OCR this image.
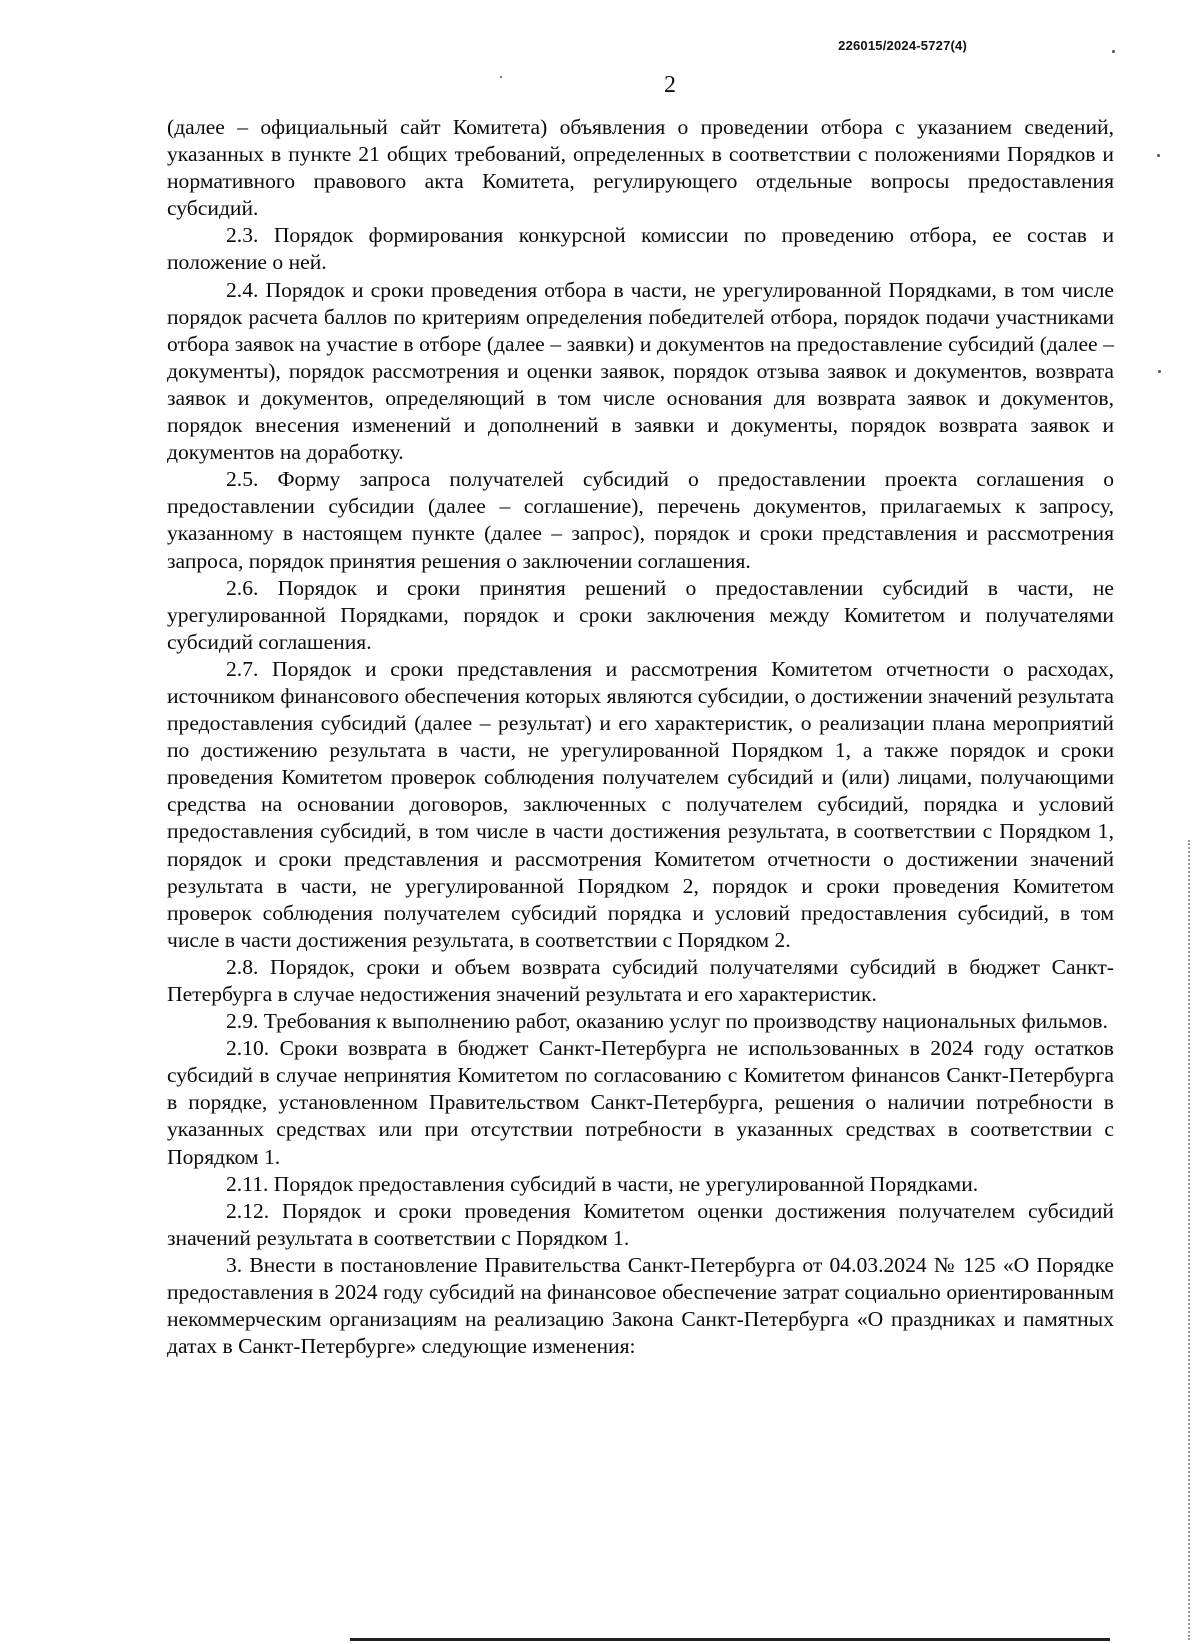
226015/2024-5727(4)
2

(далее – официальный сайт Комитета) объявления о проведении отбора с указанием сведений, указанных в пункте 21 общих требований, определенных в соответствии с положениями Порядков и нормативного правового акта Комитета, регулирующего отдельные вопросы предоставления субсидий.

2.3. Порядок формирования конкурсной комиссии по проведению отбора, ее состав и положение о ней.

2.4. Порядок и сроки проведения отбора в части, не урегулированной Порядками, в том числе порядок расчета баллов по критериям определения победителей отбора, порядок подачи участниками отбора заявок на участие в отборе (далее – заявки) и документов на предоставление субсидий (далее – документы), порядок рассмотрения и оценки заявок, порядок отзыва заявок и документов, возврата заявок и документов, определяющий в том числе основания для возврата заявок и документов, порядок внесения изменений и дополнений в заявки и документы, порядок возврата заявок и документов на доработку.

2.5. Форму запроса получателей субсидий о предоставлении проекта соглашения о предоставлении субсидии (далее – соглашение), перечень документов, прилагаемых к запросу, указанному в настоящем пункте (далее – запрос), порядок и сроки представления и рассмотрения запроса, порядок принятия решения о заключении соглашения.

2.6. Порядок и сроки принятия решений о предоставлении субсидий в части, не урегулированной Порядками, порядок и сроки заключения между Комитетом и получателями субсидий соглашения.

2.7. Порядок и сроки представления и рассмотрения Комитетом отчетности о расходах, источником финансового обеспечения которых являются субсидии, о достижении значений результата предоставления субсидий (далее – результат) и его характеристик, о реализации плана мероприятий по достижению результата в части, не урегулированной Порядком 1, а также порядок и сроки проведения Комитетом проверок соблюдения получателем субсидий и (или) лицами, получающими средства на основании договоров, заключенных с получателем субсидий, порядка и условий предоставления субсидий, в том числе в части достижения результата, в соответствии с Порядком 1, порядок и сроки представления и рассмотрения Комитетом отчетности о достижении значений результата в части, не урегулированной Порядком 2, порядок и сроки проведения Комитетом проверок соблюдения получателем субсидий порядка и условий предоставления субсидий, в том числе в части достижения результата, в соответствии с Порядком 2.

2.8. Порядок, сроки и объем возврата субсидий получателями субсидий в бюджет Санкт-Петербурга в случае недостижения значений результата и его характеристик.

2.9. Требования к выполнению работ, оказанию услуг по производству национальных фильмов.

2.10. Сроки возврата в бюджет Санкт-Петербурга не использованных в 2024 году остатков субсидий в случае непринятия Комитетом по согласованию с Комитетом финансов Санкт-Петербурга в порядке, установленном Правительством Санкт-Петербурга, решения о наличии потребности в указанных средствах или при отсутствии потребности в указанных средствах в соответствии с Порядком 1.

2.11. Порядок предоставления субсидий в части, не урегулированной Порядками.

2.12. Порядок и сроки проведения Комитетом оценки достижения получателем субсидий значений результата в соответствии с Порядком 1.

3. Внести в постановление Правительства Санкт-Петербурга от 04.03.2024 № 125 «О Порядке предоставления в 2024 году субсидий на финансовое обеспечение затрат социально ориентированным некоммерческим организациям на реализацию Закона Санкт-Петербурга «О праздниках и памятных датах в Санкт-Петербурге» следующие изменения:
